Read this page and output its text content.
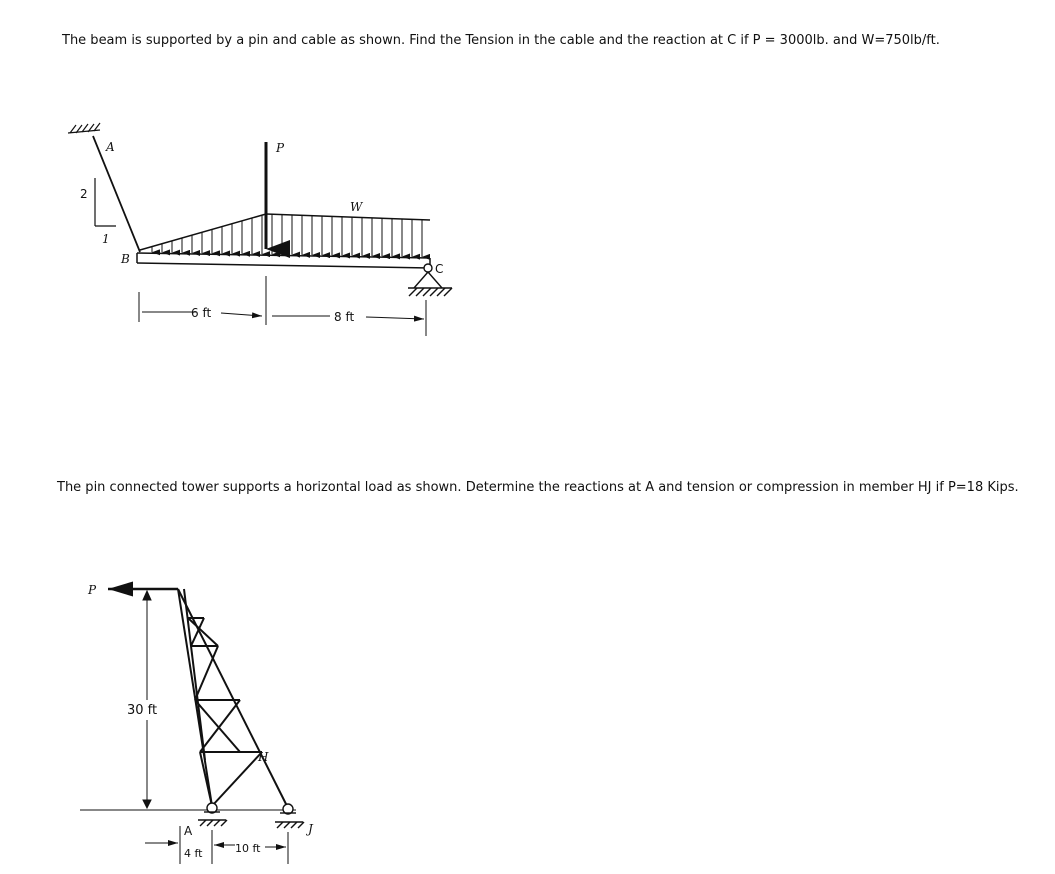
The beam is supported by a pin and cable as shown. Find the Tension in the cable and the reaction at C if P = 3000lb. and W=750lb/ft.
The pin connected tower supports a horizontal load as shown. Determine the reactions at A and tension or compression in member HJ if P=18 Kips.
A
B
C
P
W
2
1
6 ft	8 ft
P
30 ft
H
A	J
4 ft	10 ft
